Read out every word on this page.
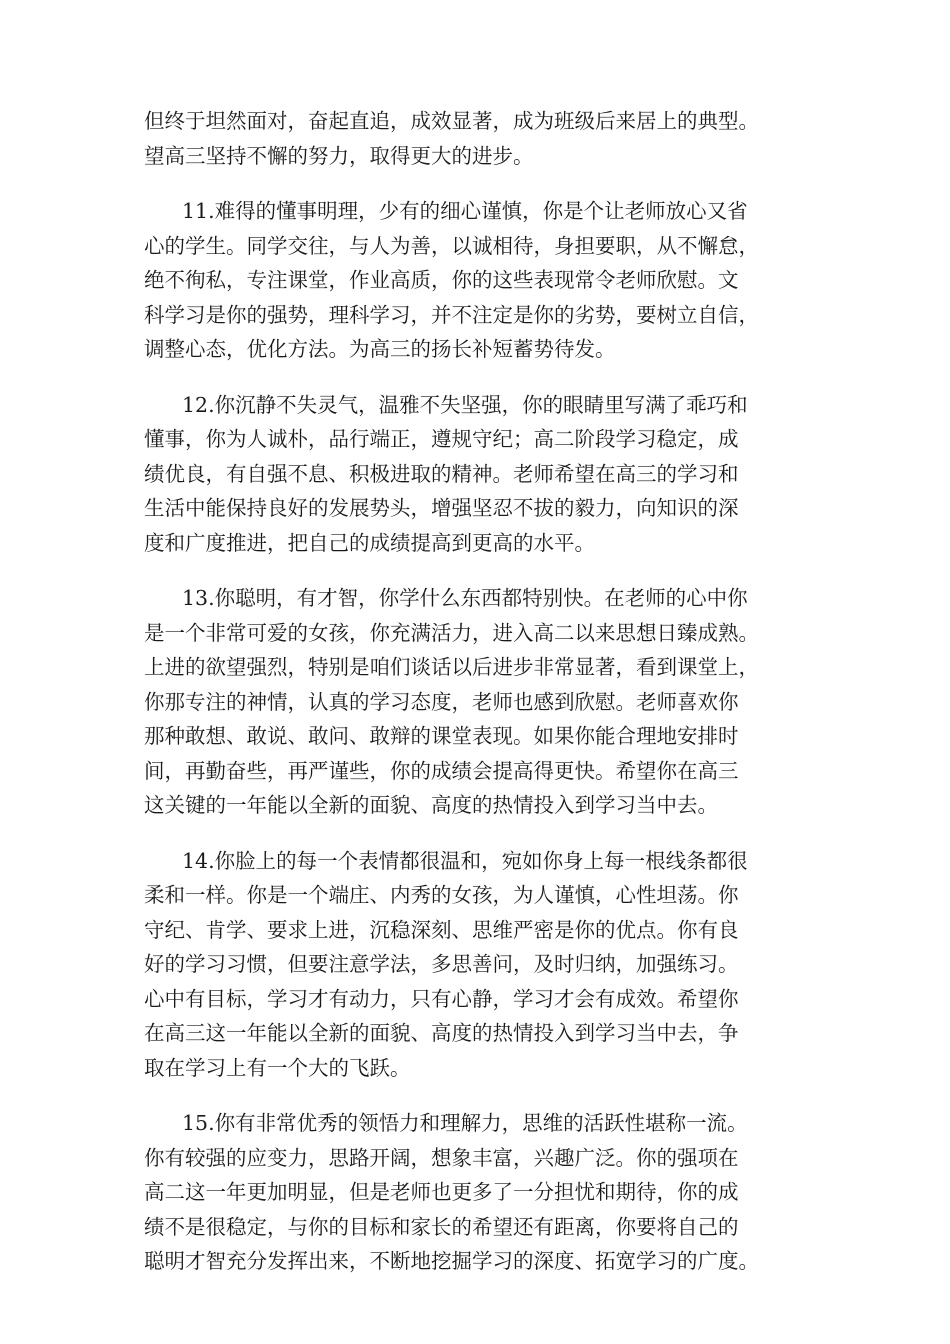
但终于坦然面对，奋起直追，成效显著，成为班级后来居上的典型。
望高三坚持不懈的努力，取得更大的进步。

11.难得的懂事明理，少有的细心谨慎，你是个让老师放心又省
心的学生。同学交往，与人为善，以诚相待，身担要职，从不懈怠，
绝不徇私，专注课堂，作业高质，你的这些表现常令老师欣慰。文
科学习是你的强势，理科学习，并不注定是你的劣势，要树立自信，
调整心态，优化方法。为高三的扬长补短蓄势待发。

12.你沉静不失灵气，温雅不失坚强，你的眼睛里写满了乖巧和
懂事，你为人诚朴，品行端正，遵规守纪；高二阶段学习稳定，成
绩优良，有自强不息、积极进取的精神。老师希望在高三的学习和
生活中能保持良好的发展势头，增强坚忍不拔的毅力，向知识的深
度和广度推进，把自己的成绩提高到更高的水平。

13.你聪明，有才智，你学什么东西都特别快。在老师的心中你
是一个非常可爱的女孩，你充满活力，进入高二以来思想日臻成熟。
上进的欲望强烈，特别是咱们谈话以后进步非常显著，看到课堂上，
你那专注的神情，认真的学习态度，老师也感到欣慰。老师喜欢你
那种敢想、敢说、敢问、敢辩的课堂表现。如果你能合理地安排时
间，再勤奋些，再严谨些，你的成绩会提高得更快。希望你在高三
这关键的一年能以全新的面貌、高度的热情投入到学习当中去。

14.你脸上的每一个表情都很温和，宛如你身上每一根线条都很
柔和一样。你是一个端庄、内秀的女孩，为人谨慎，心性坦荡。你
守纪、肯学、要求上进，沉稳深刻、思维严密是你的优点。你有良
好的学习习惯，但要注意学法，多思善问，及时归纳，加强练习。
心中有目标，学习才有动力，只有心静，学习才会有成效。希望你
在高三这一年能以全新的面貌、高度的热情投入到学习当中去，争
取在学习上有一个大的飞跃。

15.你有非常优秀的领悟力和理解力，思维的活跃性堪称一流。
你有较强的应变力，思路开阔，想象丰富，兴趣广泛。你的强项在
高二这一年更加明显，但是老师也更多了一分担忧和期待，你的成
绩不是很稳定，与你的目标和家长的希望还有距离，你要将自己的
聪明才智充分发挥出来，不断地挖掘学习的深度、拓宽学习的广度。
